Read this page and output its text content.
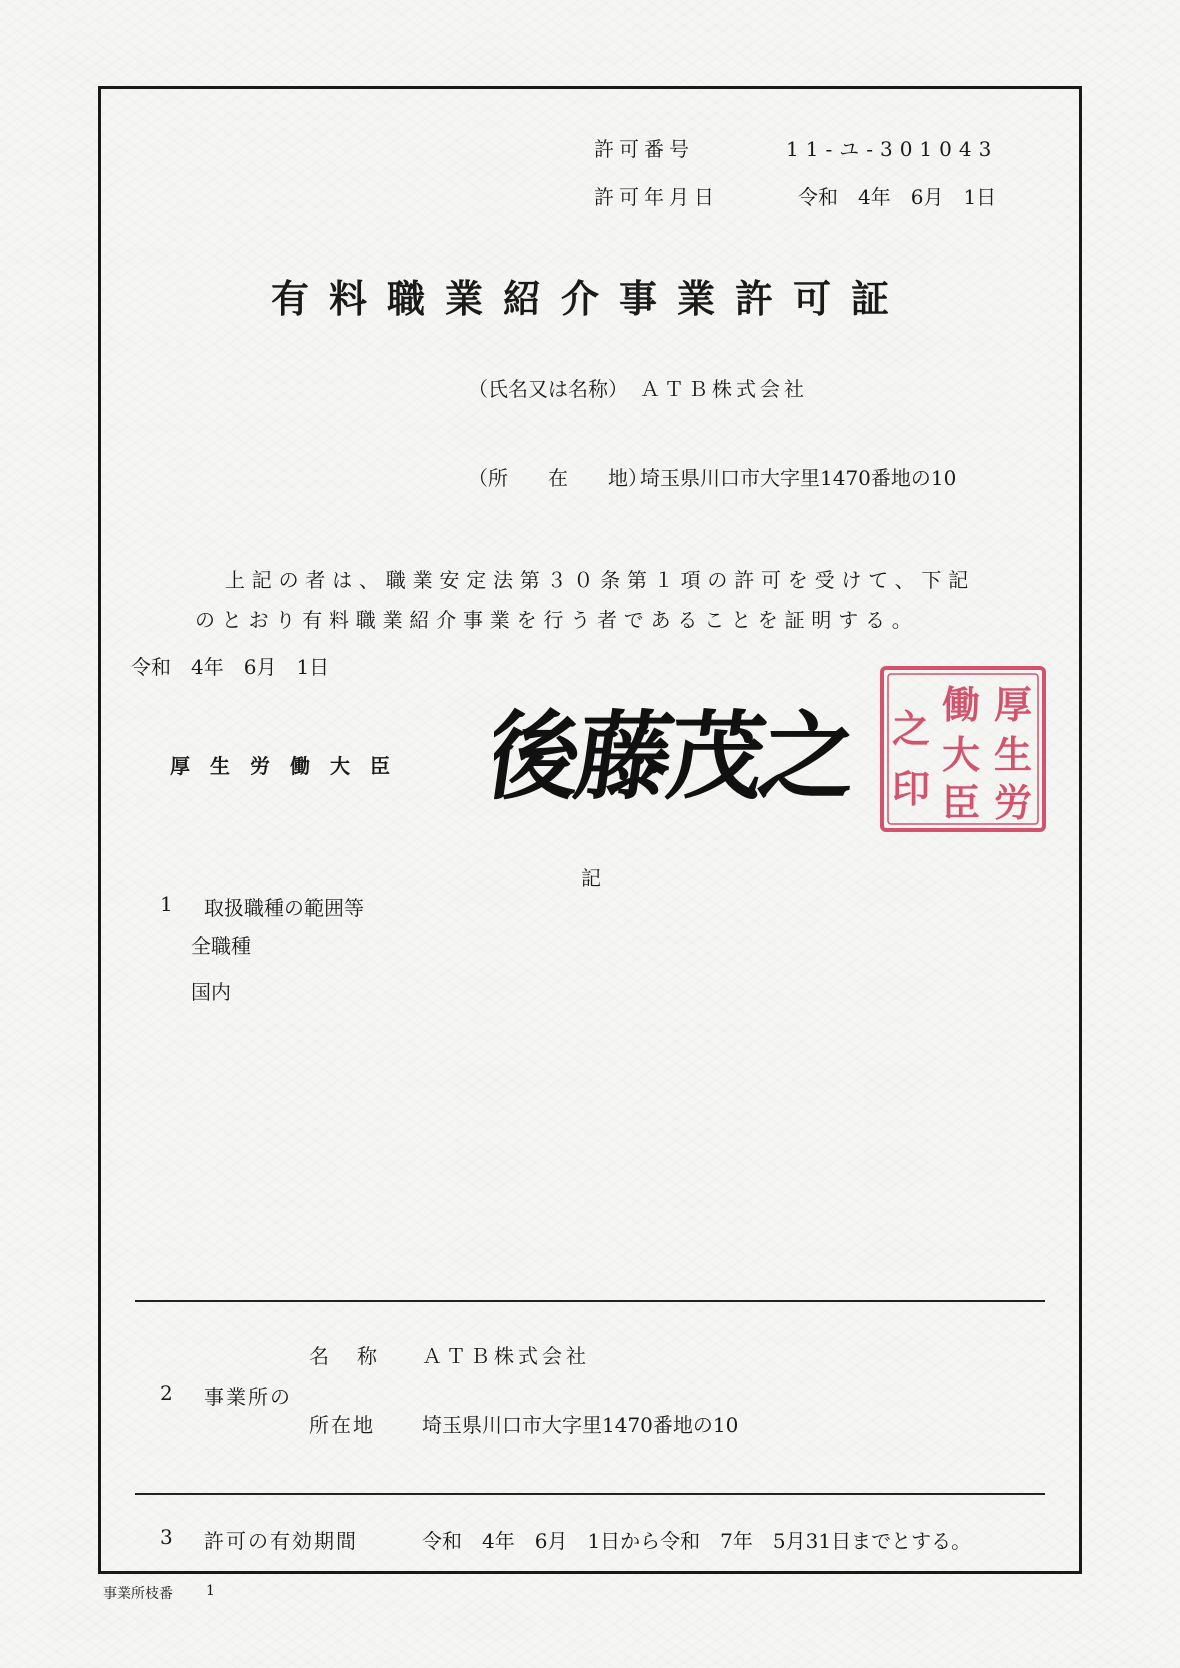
許可番号	11-ユ-301043
許可年月日	令和　4年　6月　1日
有料職業紹介事業許可証
（氏名又は名称） ＡＴＢ株式会社
（所　　在　　地）
埼玉県川口市大字里1470番地の10
上記の者は、職業安定法第３０条第１項の許可を受けて、下記
のとおり有料職業紹介事業を行う者であることを証明する。
令和　4年　6月　1日
厚　生　労　働　大　臣 後藤茂之	厚
生
労
働
大
臣
之
印
記
1 取扱職種の範囲等
全職種
国内
名　称 ＡＴＢ株式会社
2 事業所の
所在地 埼玉県川口市大字里1470番地の10
3 許可の有効期間	令和　4年　6月　1日から令和　7年　5月31日までとする。
事業所枝番 1
